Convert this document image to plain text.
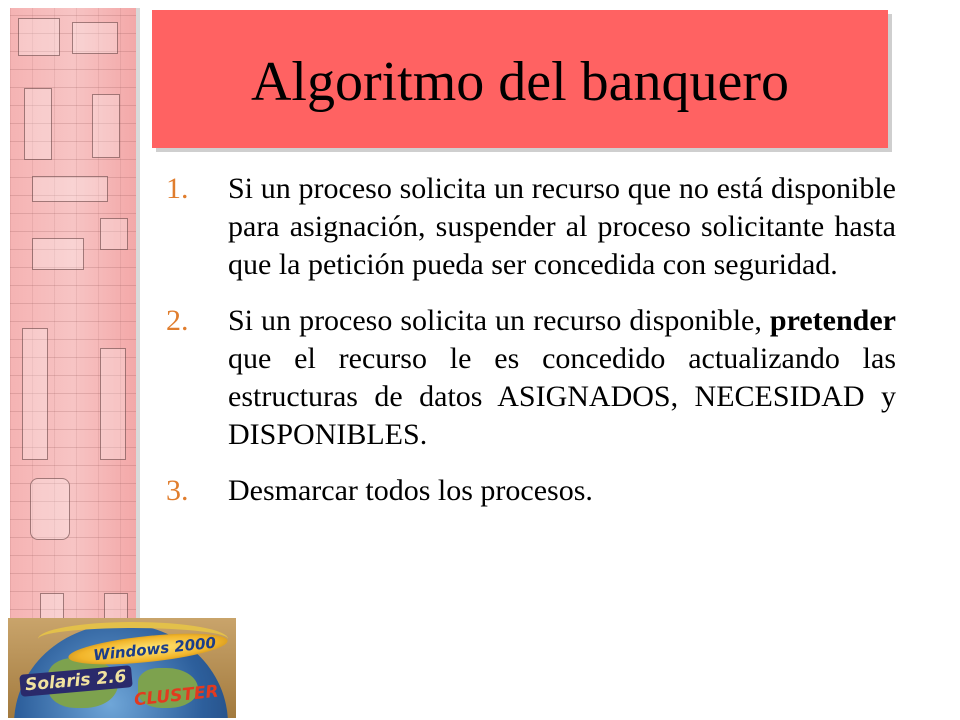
Windows 2000
Solaris 2.6
CLUSTER
Algoritmo del banquero
1. Si un proceso solicita un recurso que no está disponible para asignación, suspender al proceso solicitante hasta que la petición pueda ser concedida con seguridad.
2. Si un proceso solicita un recurso disponible, pretender que el recurso le es concedido actualizando las estructuras de datos ASIGNADOS, NECESIDAD y DISPONIBLES.
3. Desmarcar todos los procesos.
